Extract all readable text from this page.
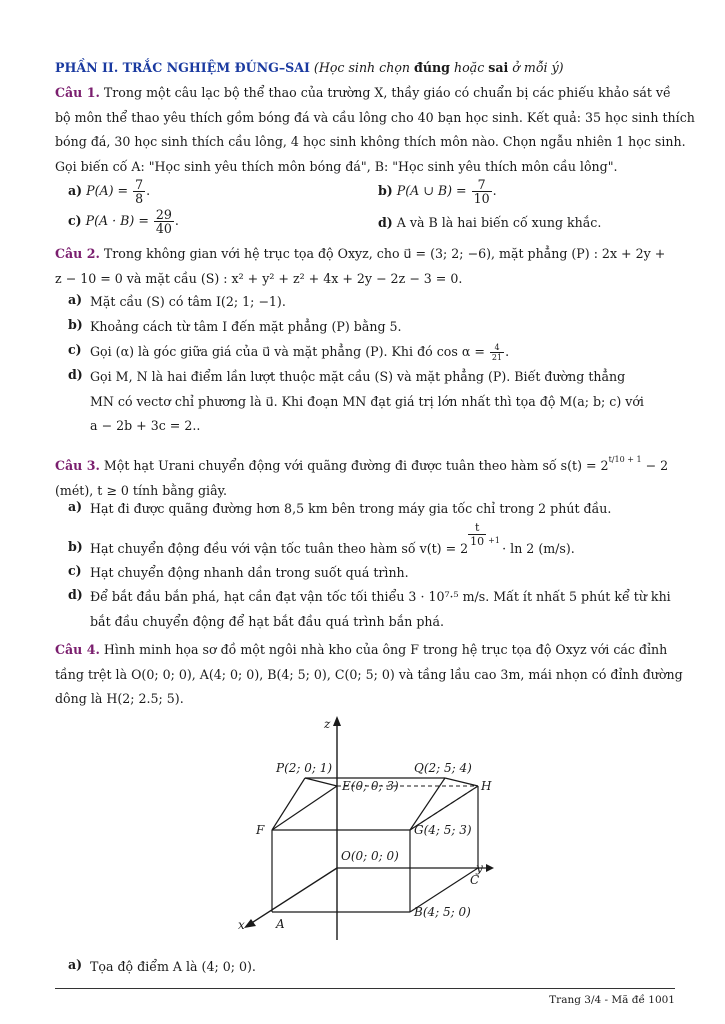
PHẦN II. TRẮC NGHIỆM ĐÚNG–SAI (Học sinh chọn đúng hoặc sai ở mỗi ý)
Câu 1. Trong một câu lạc bộ thể thao của trường X, thầy giáo có chuẩn bị các phiếu khảo sát về
bộ môn thể thao yêu thích gồm bóng đá và cầu lông cho 40 bạn học sinh. Kết quả: 35 học sinh thích
bóng đá, 30 học sinh thích cầu lông, 4 học sinh không thích môn nào. Chọn ngẫu nhiên 1 học sinh.
Gọi biến cố A: "Học sinh yêu thích môn bóng đá", B: "Học sinh yêu thích môn cầu lông".
a) $P(A) = \frac{7}{8}$ .	b) P(A ∪ $B) = \frac{7}{10}$ .
c) $P(A \cdot B) = \frac{29}{40}$ .	d) A và B là hai biến cố xung khắc.
Câu 2. Trong không gian với hệ trục tọa độ Oxyz, cho u⃗ = (3; 2; −6), mặt phẳng (P) : 2x + 2y +
z − 10 = 0 và mặt cầu (S) : x² + y² + z² + 4x + 2y − 2z − 3 = 0.
a) Mặt cầu (S) có tâm I(2; 1; −1).
b) Khoảng cách từ tâm I đến mặt phẳng (P) bằng 5.
c) Gọi (α) là góc giữa giá của u⃗ và mặt phẳng (P). Khi đó $\cos \alpha = \frac{4}{21}$ .
d) Gọi M, N là hai điểm lần lượt thuộc mặt cầu (S) và mặt phẳng (P). Biết đường thẳng
MN có vectơ chỉ phương là u⃗. Khi đoạn MN đạt giá trị lớn nhất thì tọa độ M(a; b; c) với
a − 2b + 3c = 2..
Câu 3. Một hạt Urani chuyển động với quãng đường đi được tuân theo hàm số $s(t) = 2^{t/10 + 1} - 2$
(mét), t ≥ 0 tính bằng giây.
a) Hạt đi được quãng đường hơn 8,5 km bên trong máy gia tốc chỉ trong 2 phút đầu.
b) Hạt chuyển động đều với vận tốc tuân theo hàm số v(t) = 2
t
10 +1
· ln 2 (m/s).
c) Hạt chuyển động nhanh dần trong suốt quá trình.
d) Để bắt đầu bắn phá, hạt cần đạt vận tốc tối thiểu 3 · 10⁷·⁵ m/s. Mất ít nhất 5 phút kể từ khi
bắt đầu chuyển động để hạt bắt đầu quá trình bắn phá.
Câu 4. Hình minh họa sơ đồ một ngôi nhà kho của ông F trong hệ trục tọa độ Oxyz với các đỉnh
tầng trệt là O(0; 0; 0), A(4; 0; 0), B(4; 5; 0), C(0; 5; 0) và tầng lầu cao 3m, mái nhọn có đỉnh đường
dông là H(2; 2.5; 5).
z
x
y
P(2; 0; 1)	Q(2; 5; 4)
E(0; 0; 3)	H
F	G(4; 5; 3)
O(0; 0; 0)
C
A
B(4; 5; 0)
a) Tọa độ điểm A là (4; 0; 0).
Trang 3/4 - Mã đề 1001
